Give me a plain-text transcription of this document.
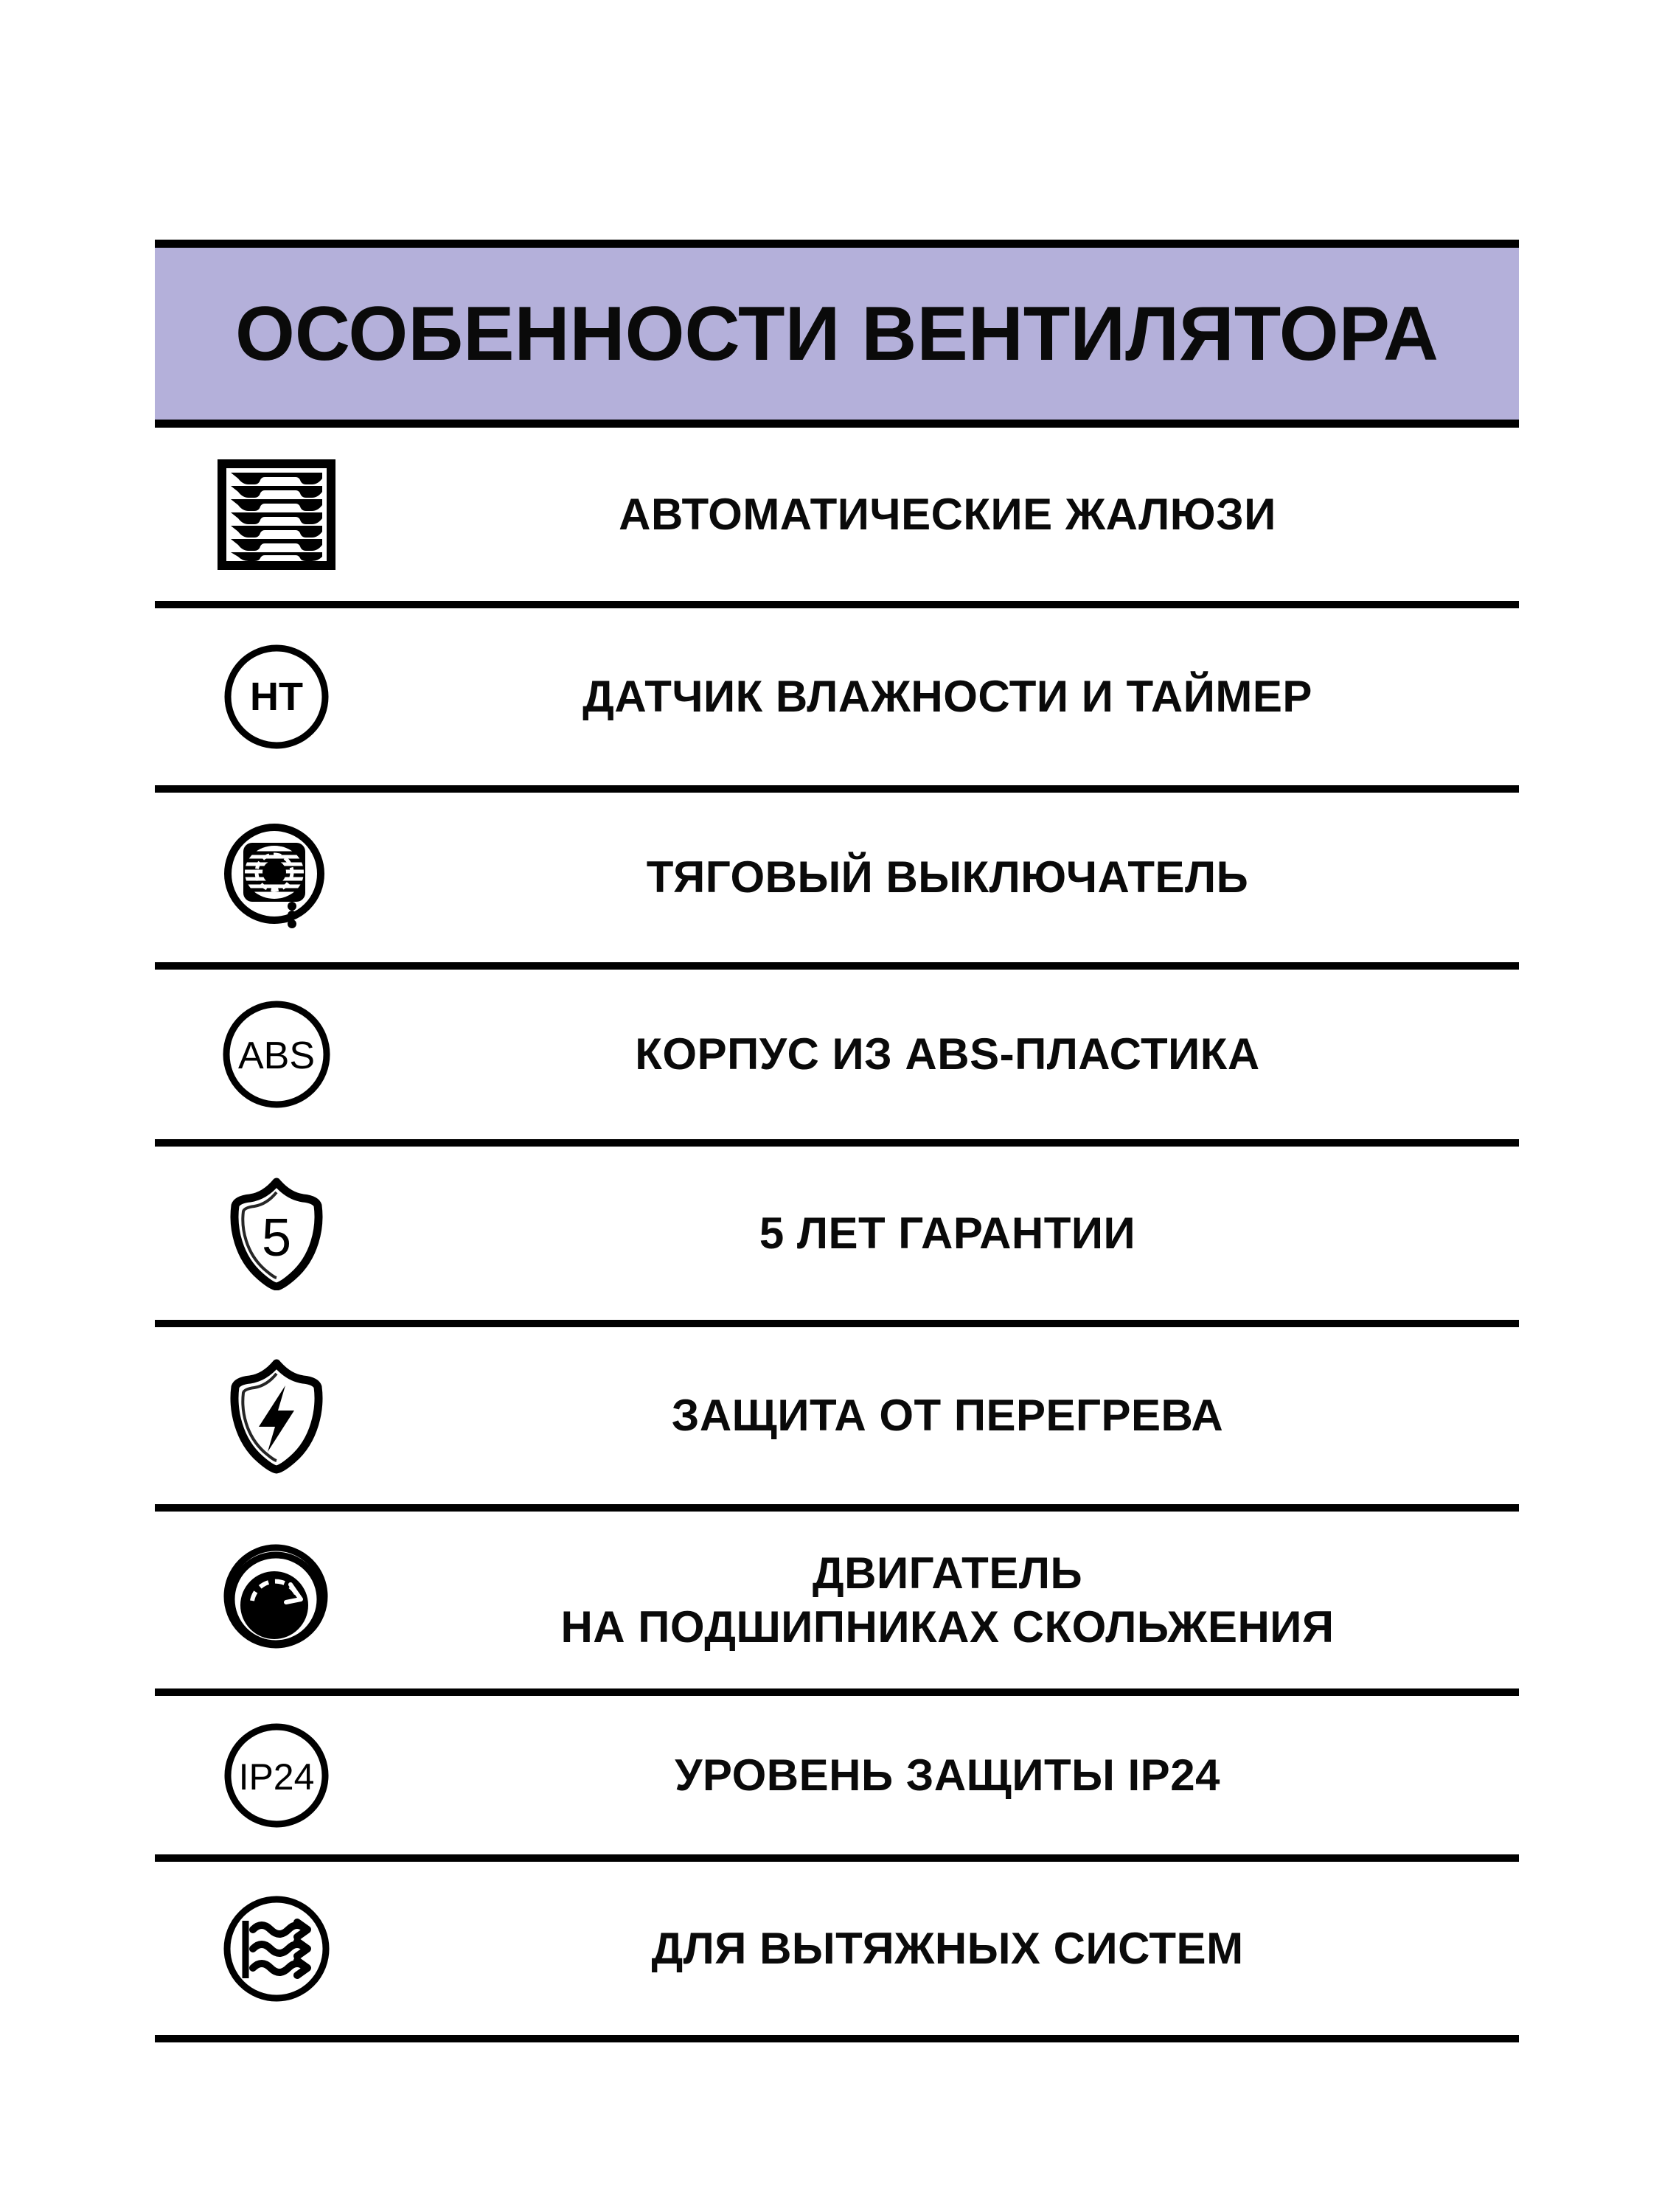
ОСОБЕННОСТИ ВЕНТИЛЯТОРА
АВТОМАТИЧЕСКИЕ ЖАЛЮЗИ
HT	ДАТЧИК ВЛАЖНОСТИ И ТАЙМЕР
ТЯГОВЫЙ ВЫКЛЮЧАТЕЛЬ
ABS	КОРПУС ИЗ ABS-ПЛАСТИКА
5	5 ЛЕТ ГАРАНТИИ
ЗАЩИТА ОТ ПЕРЕГРЕВА
ДВИГАТЕЛЬ
НА ПОДШИПНИКАХ СКОЛЬЖЕНИЯ
IP24	УРОВЕНЬ ЗАЩИТЫ IP24
ДЛЯ ВЫТЯЖНЫХ СИСТЕМ
